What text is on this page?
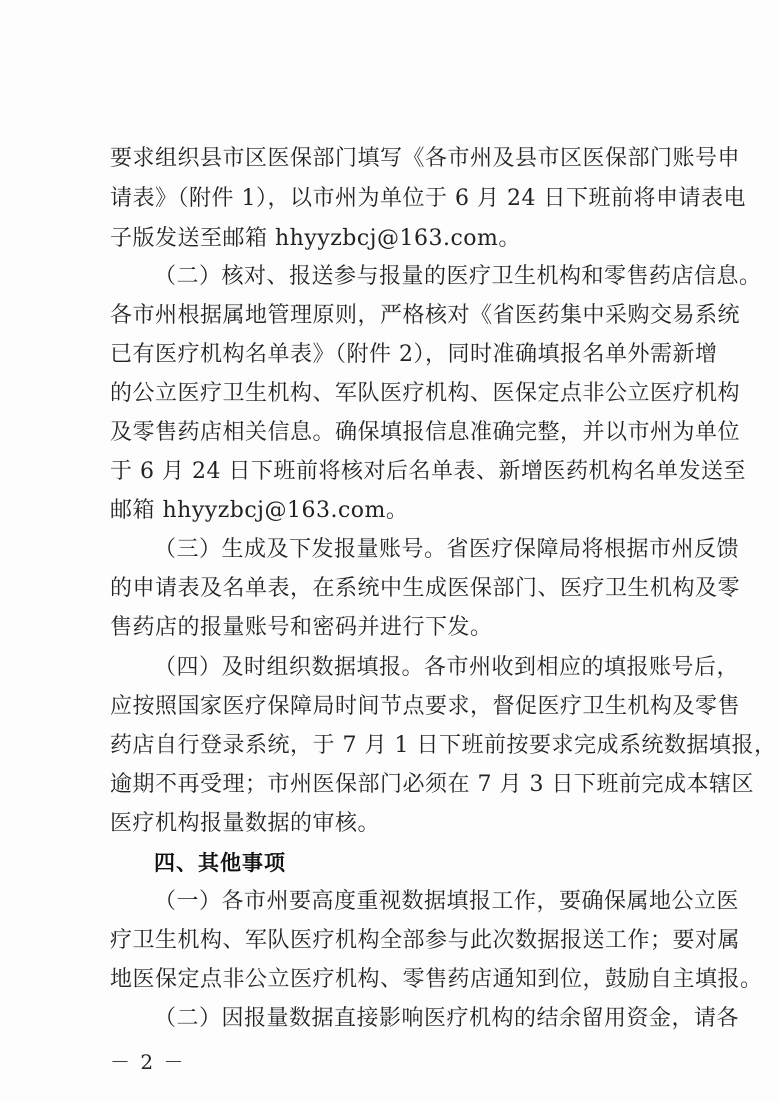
要求组织县市区医保部门填写《各市州及县市区医保部门账号申
请表》（附件 1），以市州为单位于 6 月 24 日下班前将申请表电
子版发送至邮箱 hhyyzbcj@163.com。
（二）核对、报送参与报量的医疗卫生机构和零售药店信息。
各市州根据属地管理原则，严格核对《省医药集中采购交易系统
已有医疗机构名单表》（附件 2），同时准确填报名单外需新增
的公立医疗卫生机构、军队医疗机构、医保定点非公立医疗机构
及零售药店相关信息。确保填报信息准确完整，并以市州为单位
于 6 月 24 日下班前将核对后名单表、新增医药机构名单发送至
邮箱 hhyyzbcj@163.com。
（三）生成及下发报量账号。省医疗保障局将根据市州反馈
的申请表及名单表，在系统中生成医保部门、医疗卫生机构及零
售药店的报量账号和密码并进行下发。
（四）及时组织数据填报。各市州收到相应的填报账号后，
应按照国家医疗保障局时间节点要求，督促医疗卫生机构及零售
药店自行登录系统，于 7 月 1 日下班前按要求完成系统数据填报，
逾期不再受理；市州医保部门必须在 7 月 3 日下班前完成本辖区
医疗机构报量数据的审核。
四、其他事项
（一）各市州要高度重视数据填报工作，要确保属地公立医
疗卫生机构、军队医疗机构全部参与此次数据报送工作；要对属
地医保定点非公立医疗机构、零售药店通知到位，鼓励自主填报。
（二）因报量数据直接影响医疗机构的结余留用资金，请各
－ 2 －
